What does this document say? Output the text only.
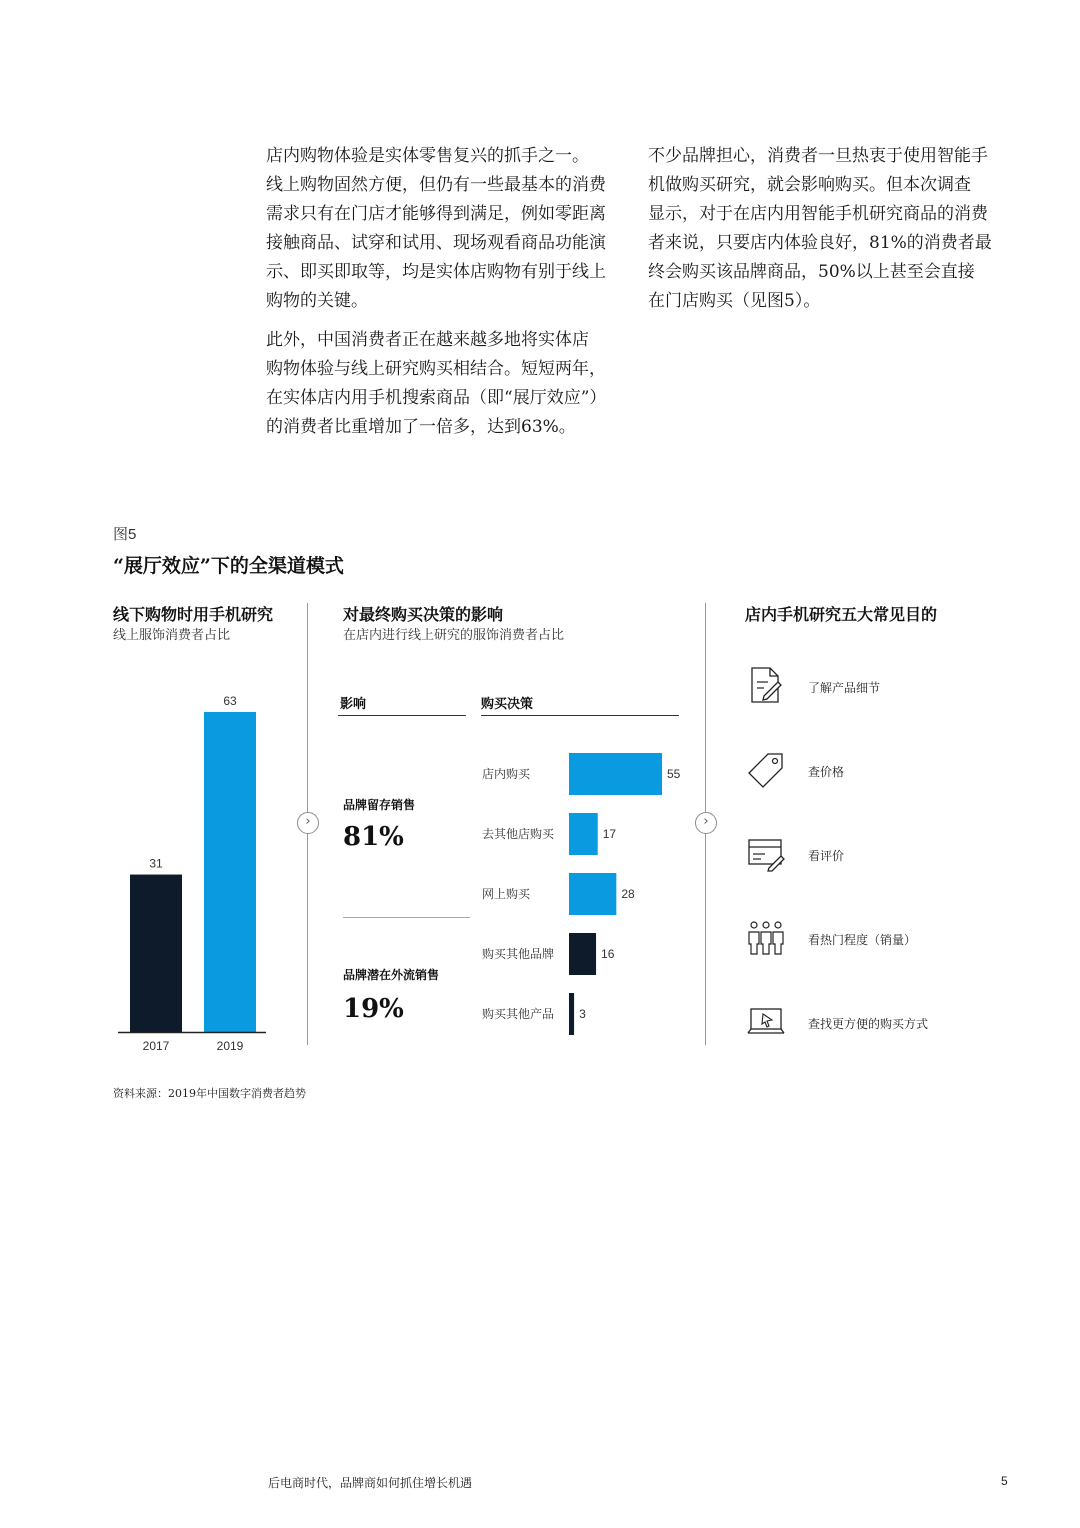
店内购物体验是实体零售复兴的抓手之一。
线上购物固然方便，但仍有一些最基本的消费
需求只有在门店才能够得到满足，例如零距离
接触商品、试穿和试用、现场观看商品功能演
示、即买即取等，均是实体店购物有别于线上
购物的关键。

此外，中国消费者正在越来越多地将实体店
购物体验与线上研究购买相结合。短短两年，
在实体店内用手机搜索商品（即“展厅效应”）
的消费者比重增加了一倍多，达到63%。

不少品牌担心，消费者一旦热衷于使用智能手
机做购买研究，就会影响购买。但本次调查
显示，对于在店内用智能手机研究商品的消费
者来说，只要店内体验良好，81%的消费者最
终会购买该品牌商品，50%以上甚至会直接
在门店购买（见图5）。

图5
“展厅效应”下的全渠道模式
线下购物时用手机研究
线上服饰消费者占比
31
2017
63
2019
›
对最终购买决策的影响
在店内进行线上研究的服饰消费者占比
影响	购买决策
品牌留存销售
81%
品牌潜在外流销售
19%
店内购买	55
去其他店购买	17
网上购买	28
购买其他品牌	16
购买其他产品 3
›
店内手机研究五大常见目的
了解产品细节
查价格
看评价
看热门程度（销量）
查找更方便的购买方式
资料来源：2019年中国数字消费者趋势
后电商时代，品牌商如何抓住增长机遇	5
